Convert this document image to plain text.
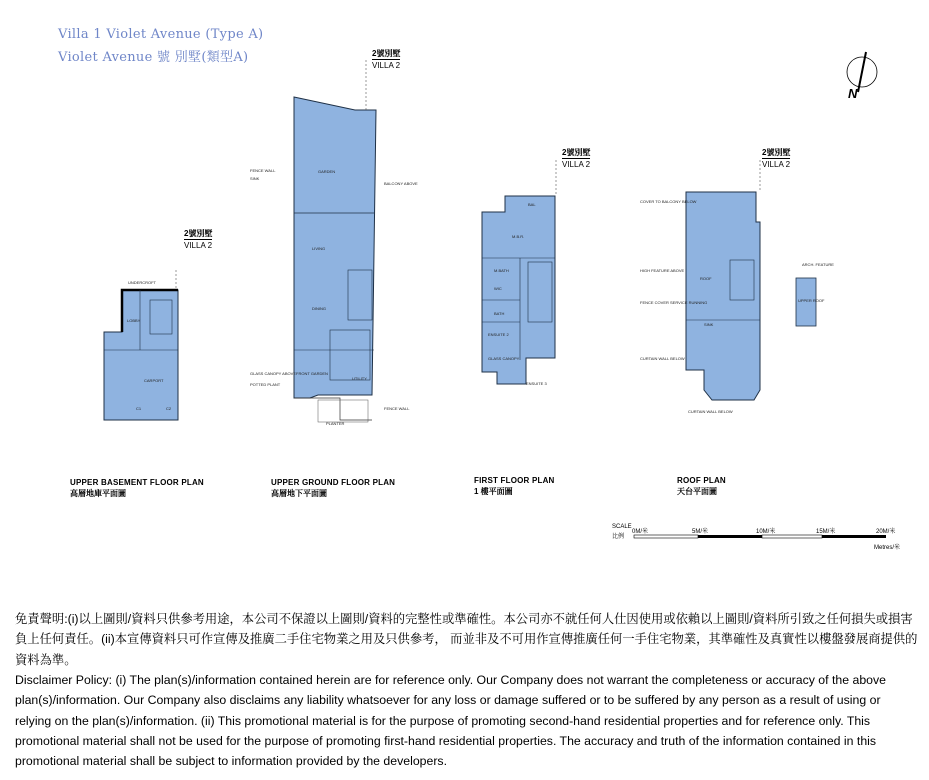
Villa 1 Violet Avenue (Type A)
Violet Avenue 號 別墅(類型A)
UNDERCROFT
LOBBY
CARPORT
C1	C2
GARDEN
LIVING
DINING
FENCE WALL
SINK
BALCONY ABOVE
GLASS CANOPY ABOVE
POTTED PLANT
FRONT GARDEN
UTILITY
PLANTER
FENCE WALL
BAL
M.B.R.
M.BATH
WIC
BATH
ENSUITE 2
ENSUITE 3
GLASS CANOPY
COVER TO BALCONY BELOW
ROOF
HIGH FEATURE ABOVE
FENCE COVER SERVICE RUNNING
SINK
CURTAIN WALL BELOW
CURTAIN WALL BELOW
UPPER ROOF
ARCH. FEATURE
2號別墅
VILLA 2
2號別墅
VILLA 2
2號別墅
VILLA 2
2號別墅
VILLA 2
N
UPPER BASEMENT FLOOR PLAN
高層地庫平面圖
UPPER GROUND FLOOR PLAN
高層地下平面圖
FIRST FLOOR PLAN
1 樓平面圖
ROOF PLAN
天台平面圖
SCALE
比例
0M/米	5M/米	10M/米	15M/米	20M/米
Metres/米
免責聲明:(i)以上圖則/資料只供參考用途，本公司不保證以上圖則/資料的完整性或準確性。本公司亦不就任何人仕因使用或依賴以上圖則/資料所引致之任何損失或損害負上任何責任。(ii)本宣傳資料只可作宣傳及推廣二手住宅物業之用及只供參考， 而並非及不可用作宣傳推廣任何一手住宅物業，其準確性及真實性以樓盤發展商提供的資料為準。
Disclaimer Policy: (i) The plan(s)/information contained herein are for reference only. Our Company does not warrant the completeness or accuracy of the above plan(s)/information. Our Company also disclaims any liability whatsoever for any loss or damage suffered or to be suffered by any person as a result of using or relying on the plan(s)/information. (ii) This promotional material is for the purpose of promoting second-hand residential properties and for reference only. This promotional material shall not be used for the purpose of promoting first-hand residential properties. The accuracy and truth of the information contained in this promotional material shall be subject to information provided by the developers.
